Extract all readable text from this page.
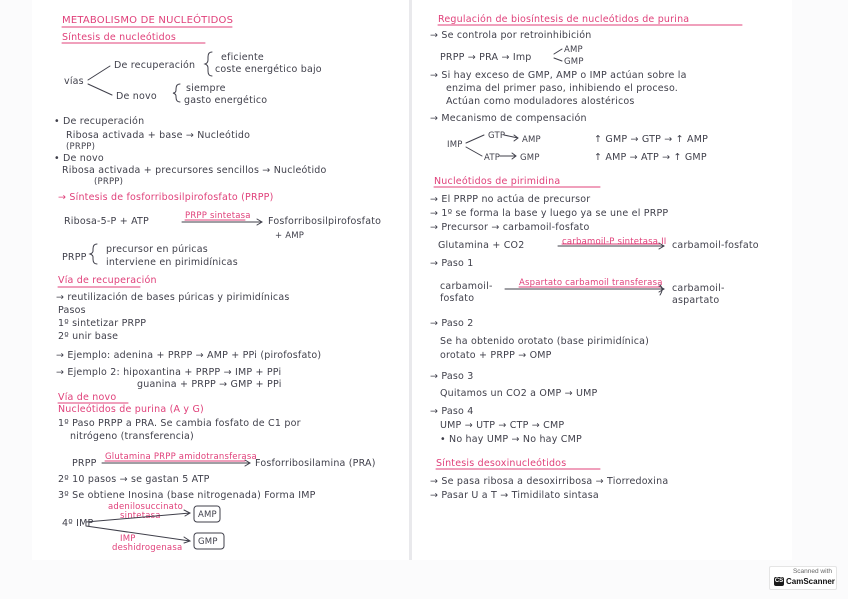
METABOLISMO DE NUCLEÓTIDOS
Síntesis de nucleótidos
vías
De recuperación
eficiente
coste energético bajo
De novo
siempre
gasto energético
• De recuperación
Ribosa activada + base → Nucleótido
(PRPP)
• De novo
Ribosa activada + precursores sencillos → Nucleótido
(PRPP)
→ Síntesis de fosforribosilpirofosfato (PRPP)
Ribosa-5-P + ATP	PRPP sintetasa Fosforribosilpirofosfato
+ AMP
PRPP
precursor en púricas
interviene en pirimidínicas
Vía de recuperación
→ reutilización de bases púricas y pirimidínicas
Pasos
1º sintetizar PRPP
2º unir base
→ Ejemplo: adenina + PRPP → AMP + PPi (pirofosfato)
→ Ejemplo 2: hipoxantina + PRPP → IMP + PPi
guanina + PRPP → GMP + PPi
Vía de novo
Nucleótidos de purina (A y G)
1º Paso PRPP a PRA. Se cambia fosfato de C1 por
nitrógeno (transferencia)
PRPP
Glutamina PRPP amidotransferasa
Fosforribosilamina (PRA)
2º 10 pasos → se gastan 5 ATP
3º Se obtiene Inosina (base nitrogenada) Forma IMP
4º IMP
adenilosuccinato
sintetasa	AMP
IMP
deshidrogenasa
GMP
Regulación de biosíntesis de nucleótidos de purina
→ Se controla por retroinhibición
PRPP → PRA → Imp
AMP
GMP
→ Si hay exceso de GMP, AMP o IMP actúan sobre la
enzima del primer paso, inhibiendo el proceso.
Actúan como moduladores alostéricos
→ Mecanismo de compensación
IMP
GTP
ATP
AMP
GMP
↑ GMP → GTP → ↑ AMP
↑ AMP → ATP → ↑ GMP
Nucleótidos de pirimidina
→ El PRPP no actúa de precursor
→ 1º se forma la base y luego ya se une el PRPP
→ Precursor → carbamoil-fosfato
Glutamina + CO2	carbamoil-P sintetasa II carbamoil-fosfato
→ Paso 1
carbamoil-
fosfato
Aspartato carbamoil transferasa carbamoil-
aspartato
→ Paso 2
Se ha obtenido orotato (base pirimidínica)
orotato + PRPP → OMP
→ Paso 3
Quitamos un CO2 a OMP → UMP
→ Paso 4
UMP → UTP → CTP → CMP
• No hay UMP → No hay CMP
Síntesis desoxinucleótidos
→ Se pasa ribosa a desoxirribosa → Tiorredoxina
→ Pasar U a T → Timidilato sintasa
Scanned with
CS CamScanner
